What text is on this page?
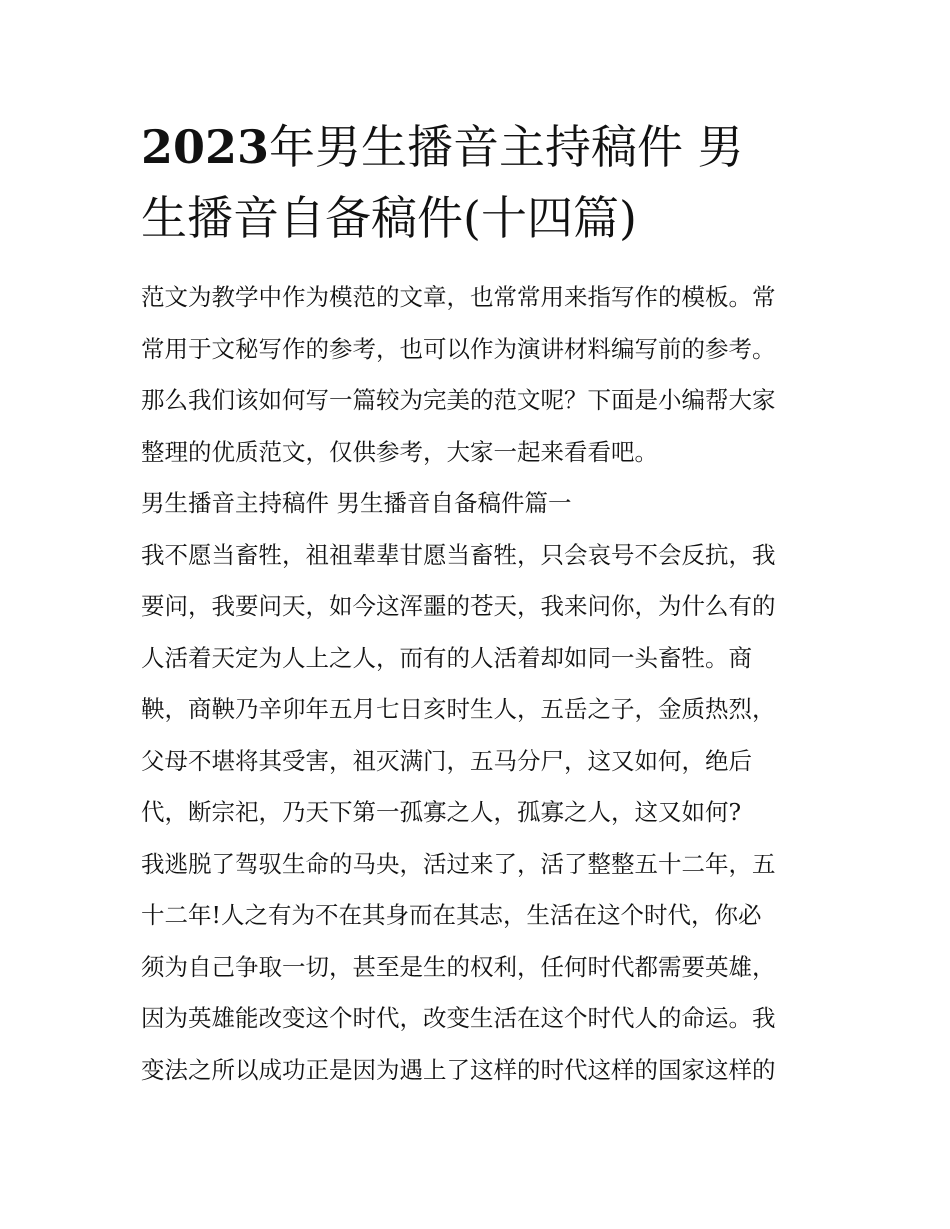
2023年男生播音主持稿件 男
生播音自备稿件(十四篇)

范文为教学中作为模范的文章，也常常用来指写作的模板。常
常用于文秘写作的参考，也可以作为演讲材料编写前的参考。
那么我们该如何写一篇较为完美的范文呢？下面是小编帮大家
整理的优质范文，仅供参考，大家一起来看看吧。

男生播音主持稿件 男生播音自备稿件篇一

我不愿当畜牲，祖祖辈辈甘愿当畜牲，只会哀号不会反抗，我
要问，我要问天，如今这浑噩的苍天，我来问你，为什么有的
人活着天定为人上之人，而有的人活着却如同一头畜牲。商
鞅，商鞅乃辛卯年五月七日亥时生人，五岳之子，金质热烈，
父母不堪将其受害，祖灭满门，五马分尸，这又如何，绝后
代，断宗祀，乃天下第一孤寡之人，孤寡之人，这又如何?

我逃脱了驾驭生命的马央，活过来了，活了整整五十二年，五
十二年!人之有为不在其身而在其志，生活在这个时代，你必
须为自己争取一切，甚至是生的权利，任何时代都需要英雄，
因为英雄能改变这个时代，改变生活在这个时代人的命运。我
变法之所以成功正是因为遇上了这样的时代这样的国家这样的
